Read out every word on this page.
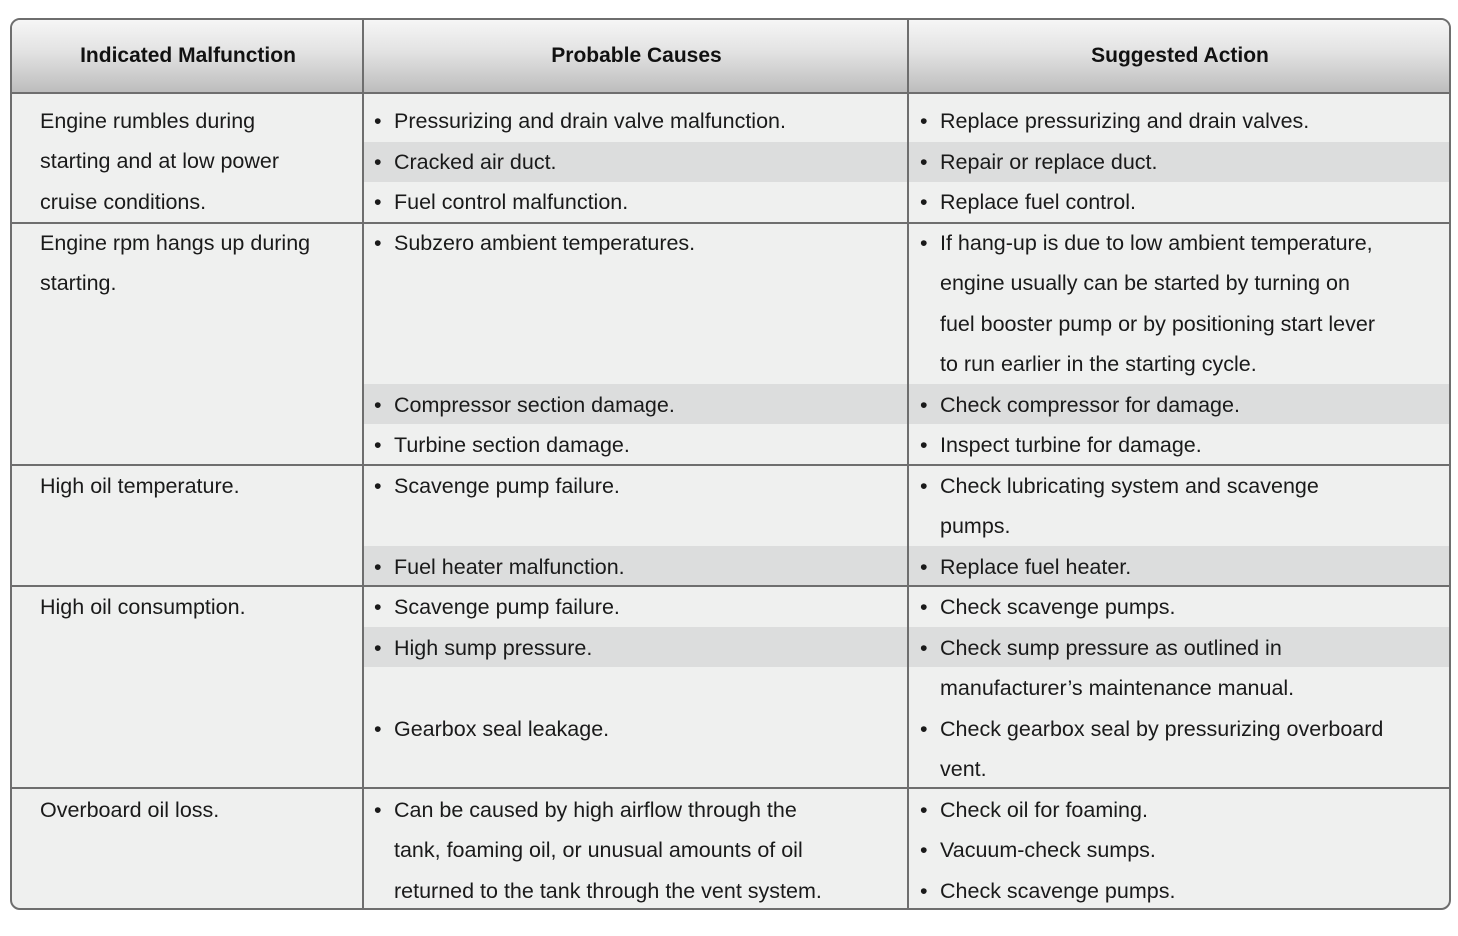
Indicated Malfunction	Probable Causes	Suggested Action
Engine rumbles during
starting and at low power
cruise conditions.
Engine rpm hangs up during
starting.
High oil temperature.
High oil consumption.
Overboard oil loss.
• Pressurizing and drain valve malfunction.
• Cracked air duct.
• Fuel control malfunction.
• Subzero ambient temperatures.
• Compressor section damage.
• Turbine section damage.
• Scavenge pump failure.
• Fuel heater malfunction.
• Scavenge pump failure.
• High sump pressure.
• Gearbox seal leakage.
• Can be caused by high airflow through the
tank, foaming oil, or unusual amounts of oil
returned to the tank through the vent system.
• Replace pressurizing and drain valves.
• Repair or replace duct.
• Replace fuel control.
• If hang-up is due to low ambient temperature,
engine usually can be started by turning on
fuel booster pump or by positioning start lever
to run earlier in the starting cycle.
• Check compressor for damage.
• Inspect turbine for damage.
• Check lubricating system and scavenge
pumps.
• Replace fuel heater.
• Check scavenge pumps.
• Check sump pressure as outlined in
manufacturer’s maintenance manual.
• Check gearbox seal by pressurizing overboard
vent.
• Check oil for foaming.
• Vacuum-check sumps.
• Check scavenge pumps.
